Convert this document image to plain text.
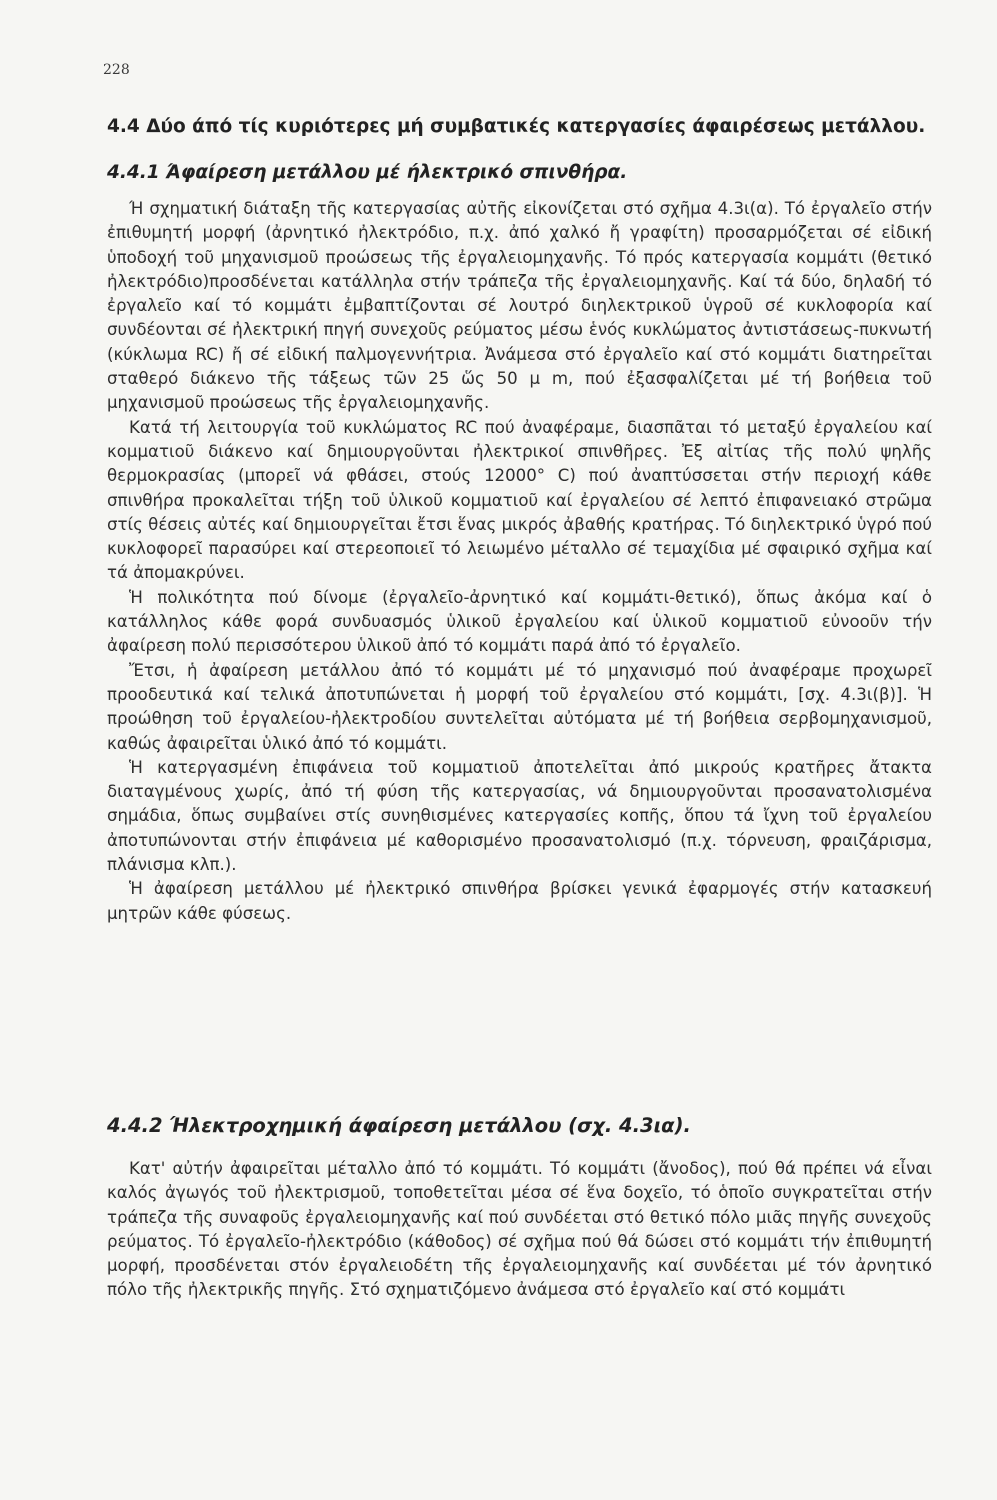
228
4.4 Δύο άπό τίς κυριότερες μή συμβατικές κατεργασίες άφαιρέσεως μετάλλου.
4.4.1 Άφαίρεση μετάλλου μέ ήλεκτρικό σπινθήρα.

Ή σχηματική διάταξη τῆς κατεργασίας αὐτῆς εἰκονίζεται στό σχῆμα 4.3ι(α). Τό ἐργαλεῖο στήν ἐπιθυμητή μορφή (ἀρνητικό ἠλεκτρόδιο, π.χ. ἀπό χαλκό ἤ γραφίτη) προσαρμόζεται σέ εἰδική ὑποδοχή τοῦ μηχανισμοῦ προώσεως τῆς ἐργαλειομηχανῆς. Τό πρός κατεργασία κομμάτι (θετικό ἠλεκτρόδιο)προσδένεται κατάλληλα στήν τράπεζα τῆς ἐργαλειομηχανῆς. Καί τά δύο, δηλαδή τό ἐργαλεῖο καί τό κομμάτι ἐμβαπτίζονται σέ λουτρό διηλεκτρικοῦ ὑγροῦ σέ κυκλοφορία καί συνδέονται σέ ἠλεκτρική πηγή συνεχοῦς ρεύματος μέσω ἑνός κυκλώματος ἀντιστάσεως-πυκνωτή (κύκλωμα RC) ἤ σέ εἰδική παλμογεννήτρια. Ἀνάμεσα στό ἐργαλεῖο καί στό κομμάτι διατηρεῖται σταθερό διάκενο τῆς τάξεως τῶν 25 ὥς 50 μ m, πού ἐξασφαλίζεται μέ τή βοήθεια τοῦ μηχανισμοῦ προώσεως τῆς ἐργαλειομηχανῆς.

Κατά τή λειτουργία τοῦ κυκλώματος RC πού ἀναφέραμε, διασπᾶται τό μεταξύ ἐργαλείου καί κομματιοῦ διάκενο καί δημιουργοῦνται ἠλεκτρικοί σπινθῆρες. Ἐξ αἰτίας τῆς πολύ ψηλῆς θερμοκρασίας (μπορεῖ νά φθάσει, στούς 12000° C) πού ἀναπτύσσεται στήν περιοχή κάθε σπινθήρα προκαλεῖται τήξη τοῦ ὑλικοῦ κομματιοῦ καί ἐργαλείου σέ λεπτό ἐπιφανειακό στρῶμα στίς θέσεις αὐτές καί δημιουργεῖται ἔτσι ἕνας μικρός ἀβαθής κρατήρας. Τό διηλεκτρικό ὑγρό πού κυκλοφορεῖ παρασύρει καί στερεοποιεῖ τό λειωμένο μέταλλο σέ τεμαχίδια μέ σφαιρικό σχῆμα καί τά ἀπομακρύνει.

Ἡ πολικότητα πού δίνομε (ἐργαλεῖο-ἀρνητικό καί κομμάτι-θετικό), ὅπως ἀκόμα καί ὁ κατάλληλος κάθε φορά συνδυασμός ὑλικοῦ ἐργαλείου καί ὑλικοῦ κομματιοῦ εὐνοοῦν τήν ἀφαίρεση πολύ περισσότερου ὑλικοῦ ἀπό τό κομμάτι παρά ἀπό τό ἐργαλεῖο.

Ἔτσι, ἡ ἀφαίρεση μετάλλου ἀπό τό κομμάτι μέ τό μηχανισμό πού ἀναφέραμε προχωρεῖ προοδευτικά καί τελικά ἀποτυπώνεται ἡ μορφή τοῦ ἐργαλείου στό κομμάτι, [σχ. 4.3ι(β)]. Ἡ προώθηση τοῦ ἐργαλείου-ἠλεκτροδίου συντελεῖται αὐτόματα μέ τή βοήθεια σερβομηχανισμοῦ, καθώς ἀφαιρεῖται ὑλικό ἀπό τό κομμάτι.

Ἡ κατεργασμένη ἐπιφάνεια τοῦ κομματιοῦ ἀποτελεῖται ἀπό μικρούς κρατῆρες ἄτακτα διαταγμένους χωρίς, ἀπό τή φύση τῆς κατεργασίας, νά δημιουργοῦνται προσανατολισμένα σημάδια, ὅπως συμβαίνει στίς συνηθισμένες κατεργασίες κοπῆς, ὅπου τά ἴχνη τοῦ ἐργαλείου ἀποτυπώνονται στήν ἐπιφάνεια μέ καθορισμένο προσανατολισμό (π.χ. τόρνευση, φραιζάρισμα, πλάνισμα κλπ.).

Ἡ ἀφαίρεση μετάλλου μέ ἠλεκτρικό σπινθήρα βρίσκει γενικά ἐφαρμογές στήν κατασκευή μητρῶν κάθε φύσεως.

4.4.2 Ήλεκτροχημική άφαίρεση μετάλλου (σχ. 4.3ια).

Κατ' αὐτήν ἀφαιρεῖται μέταλλο ἀπό τό κομμάτι. Τό κομμάτι (ἄνοδος), πού θά πρέπει νά εἶναι καλός ἀγωγός τοῦ ἠλεκτρισμοῦ, τοποθετεῖται μέσα σέ ἕνα δοχεῖο, τό ὁποῖο συγκρατεῖται στήν τράπεζα τῆς συναφοῦς ἐργαλειομηχανῆς καί πού συνδέεται στό θετικό πόλο μιᾶς πηγῆς συνεχοῦς ρεύματος. Τό ἐργαλεῖο-ἠλεκτρόδιο (κάθοδος) σέ σχῆμα πού θά δώσει στό κομμάτι τήν ἐπιθυμητή μορφή, προσδένεται στόν ἐργαλειοδέτη τῆς ἐργαλειομηχανῆς καί συνδέεται μέ τόν ἀρνητικό πόλο τῆς ἠλεκτρικῆς πηγῆς. Στό σχηματιζόμενο ἀνάμεσα στό ἐργαλεῖο καί στό κομμάτι
